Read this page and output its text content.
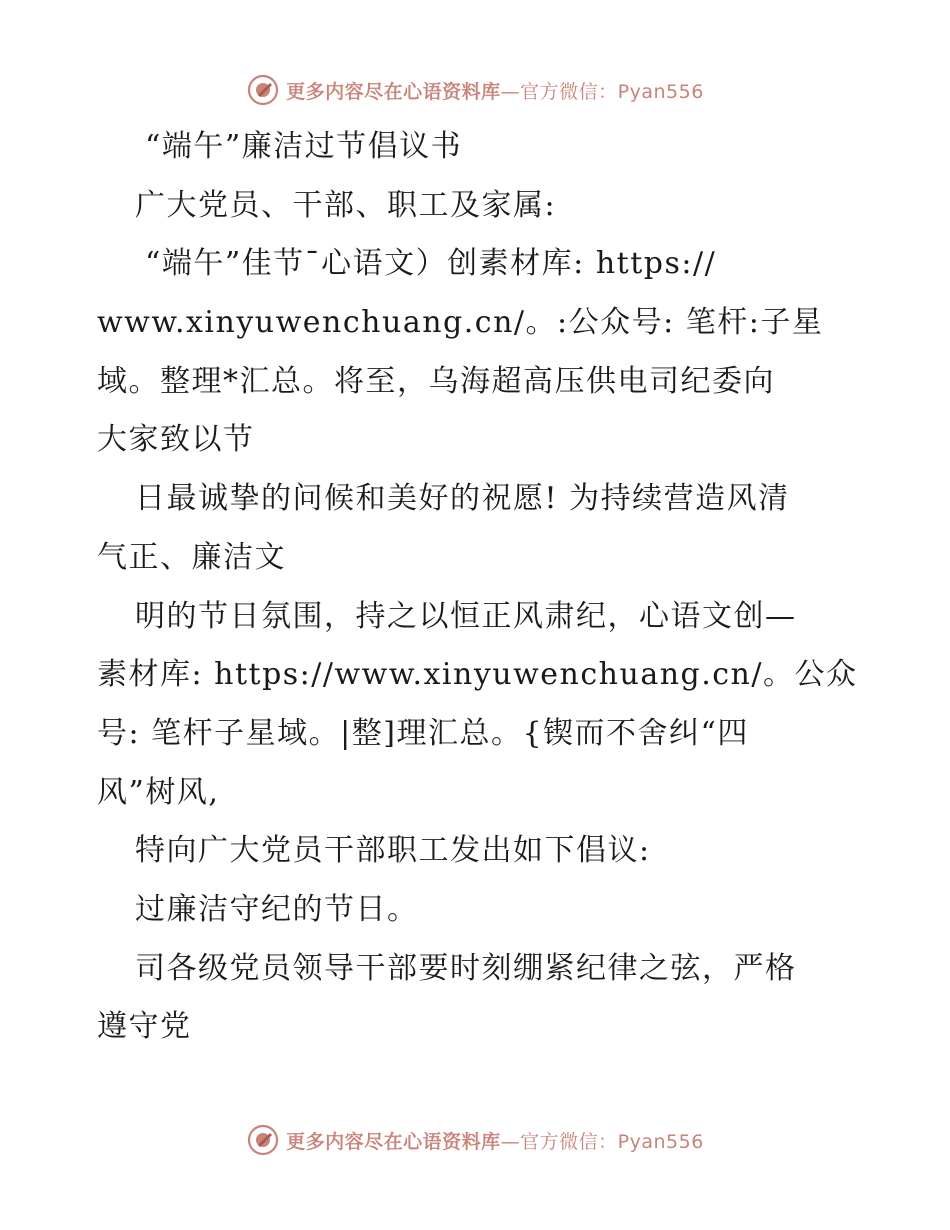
更多内容尽在心语资料库—官方微信：Pyan556
“端午”廉洁过节倡议书
广大党员、干部、职工及家属:
“端午”佳节¯心语文）创素材库: https://
www.xinyuwenchuang.cn/。:公众号: 笔杆:子星
域。整理*汇总。将至，乌海超高压供电司纪委向
大家致以节
日最诚挚的问候和美好的祝愿! 为持续营造风清
气正、廉洁文
明的节日氛围，持之以恒正风肃纪，心语文创—
素材库: https://www.xinyuwenchuang.cn/。公众
号: 笔杆子星域。|整]理汇总。{锲而不舍纠“四
风”树风,
特向广大党员干部职工发出如下倡议:
过廉洁守纪的节日。
司各级党员领导干部要时刻绷紧纪律之弦，严格
遵守党
更多内容尽在心语资料库—官方微信：Pyan556
